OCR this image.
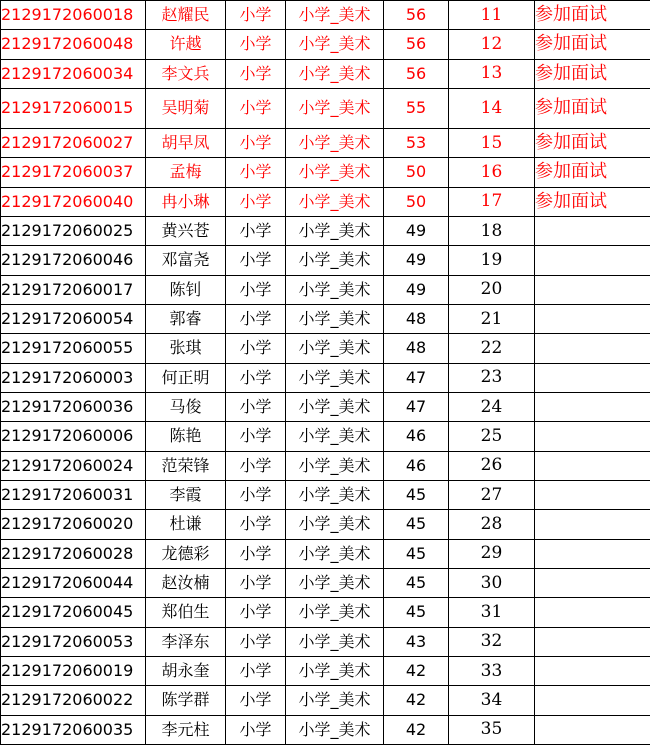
2129172060018	赵耀民	小学	小学_美术	56	11	参加面试
2129172060048	许越	小学	小学_美术	56	12	参加面试
2129172060034	李文兵	小学	小学_美术	56	13	参加面试
2129172060015	吴明菊	小学	小学_美术	55	14	参加面试
2129172060027	胡早凤	小学	小学_美术	53	15	参加面试
2129172060037	孟梅	小学	小学_美术	50	16	参加面试
2129172060040	冉小琳	小学	小学_美术	50	17	参加面试
2129172060025	黄兴苍	小学	小学_美术	49	18	
2129172060046	邓富尧	小学	小学_美术	49	19	
2129172060017	陈钊	小学	小学_美术	49	20	
2129172060054	郭睿	小学	小学_美术	48	21	
2129172060055	张琪	小学	小学_美术	48	22	
2129172060003	何正明	小学	小学_美术	47	23	
2129172060036	马俊	小学	小学_美术	47	24	
2129172060006	陈艳	小学	小学_美术	46	25	
2129172060024	范荣锋	小学	小学_美术	46	26	
2129172060031	李霞	小学	小学_美术	45	27	
2129172060020	杜谦	小学	小学_美术	45	28	
2129172060028	龙德彩	小学	小学_美术	45	29	
2129172060044	赵汝楠	小学	小学_美术	45	30	
2129172060045	郑伯生	小学	小学_美术	45	31	
2129172060053	李泽东	小学	小学_美术	43	32	
2129172060019	胡永奎	小学	小学_美术	42	33	
2129172060022	陈学群	小学	小学_美术	42	34	
2129172060035	李元柱	小学	小学_美术	42	35	
